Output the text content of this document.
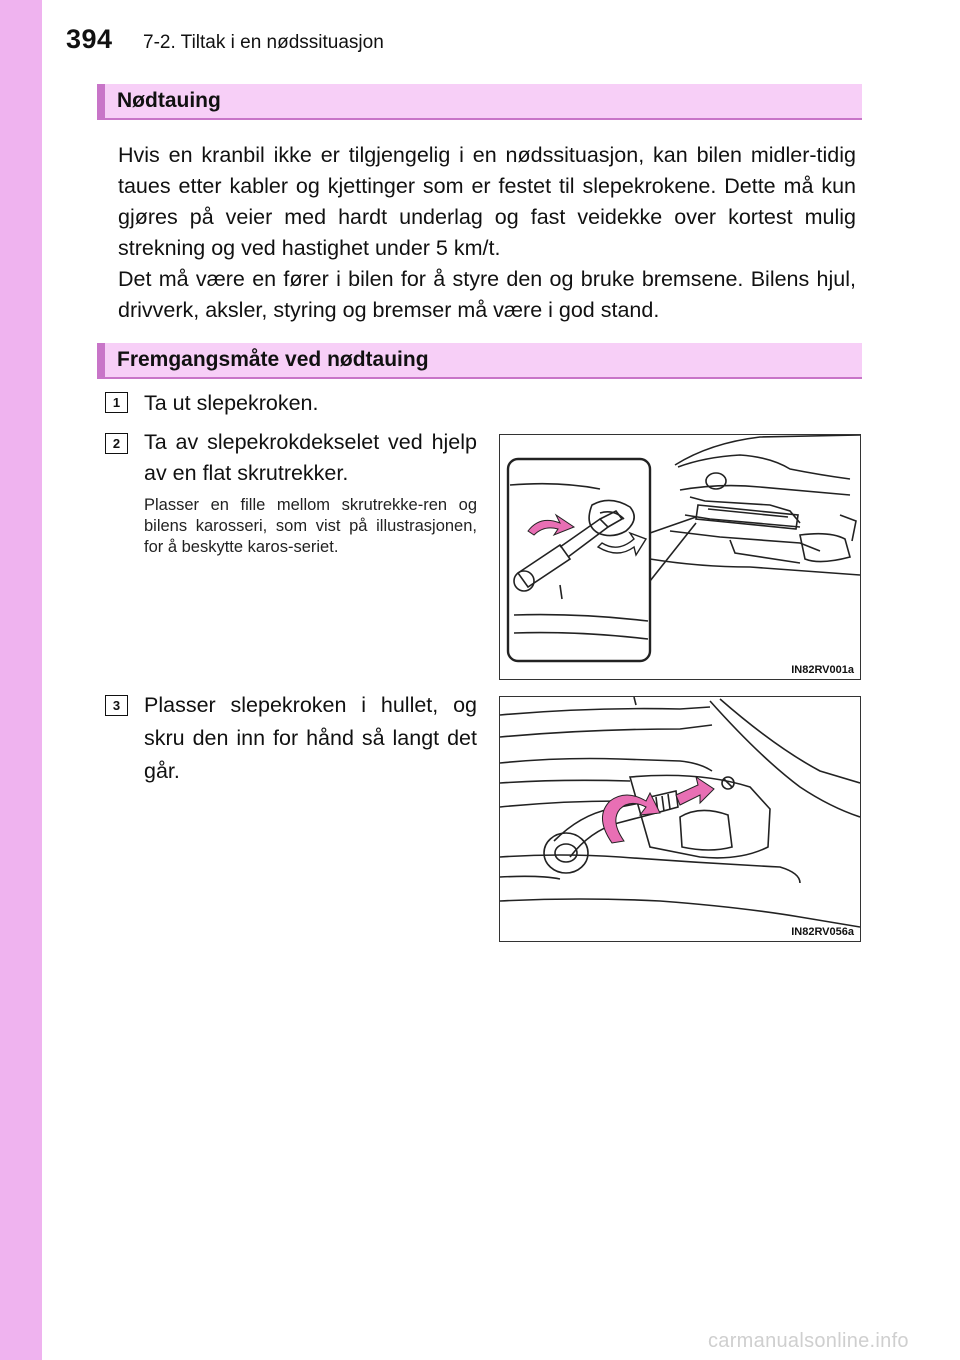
394 7-2. Tiltak i en nødssituasjon
Nødtauing

Hvis en kranbil ikke er tilgjengelig i en nødssituasjon, kan bilen midler-tidig taues etter kabler og kjettinger som er festet til slepekrokene. Dette må kun gjøres på veier med hardt underlag og fast veidekke over kortest mulig strekning og ved hastighet under 5 km/t.

Det må være en fører i bilen for å styre den og bruke bremsene. Bilens hjul, drivverk, aksler, styring og bremser må være i god stand.

Fremgangsmåte ved nødtauing
1	Ta ut slepekroken.
2	Ta av slepekrokdekselet ved hjelp av en flat skrutrekker.
Plasser en fille mellom skrutrekke-ren og bilens karosseri, som vist på illustrasjonen, for å beskytte karos-seriet.
3	Plasser slepekroken i hullet, og skru den inn for hånd så langt det går.
IN82RV001a
IN82RV056a
carmanualsonline.info
